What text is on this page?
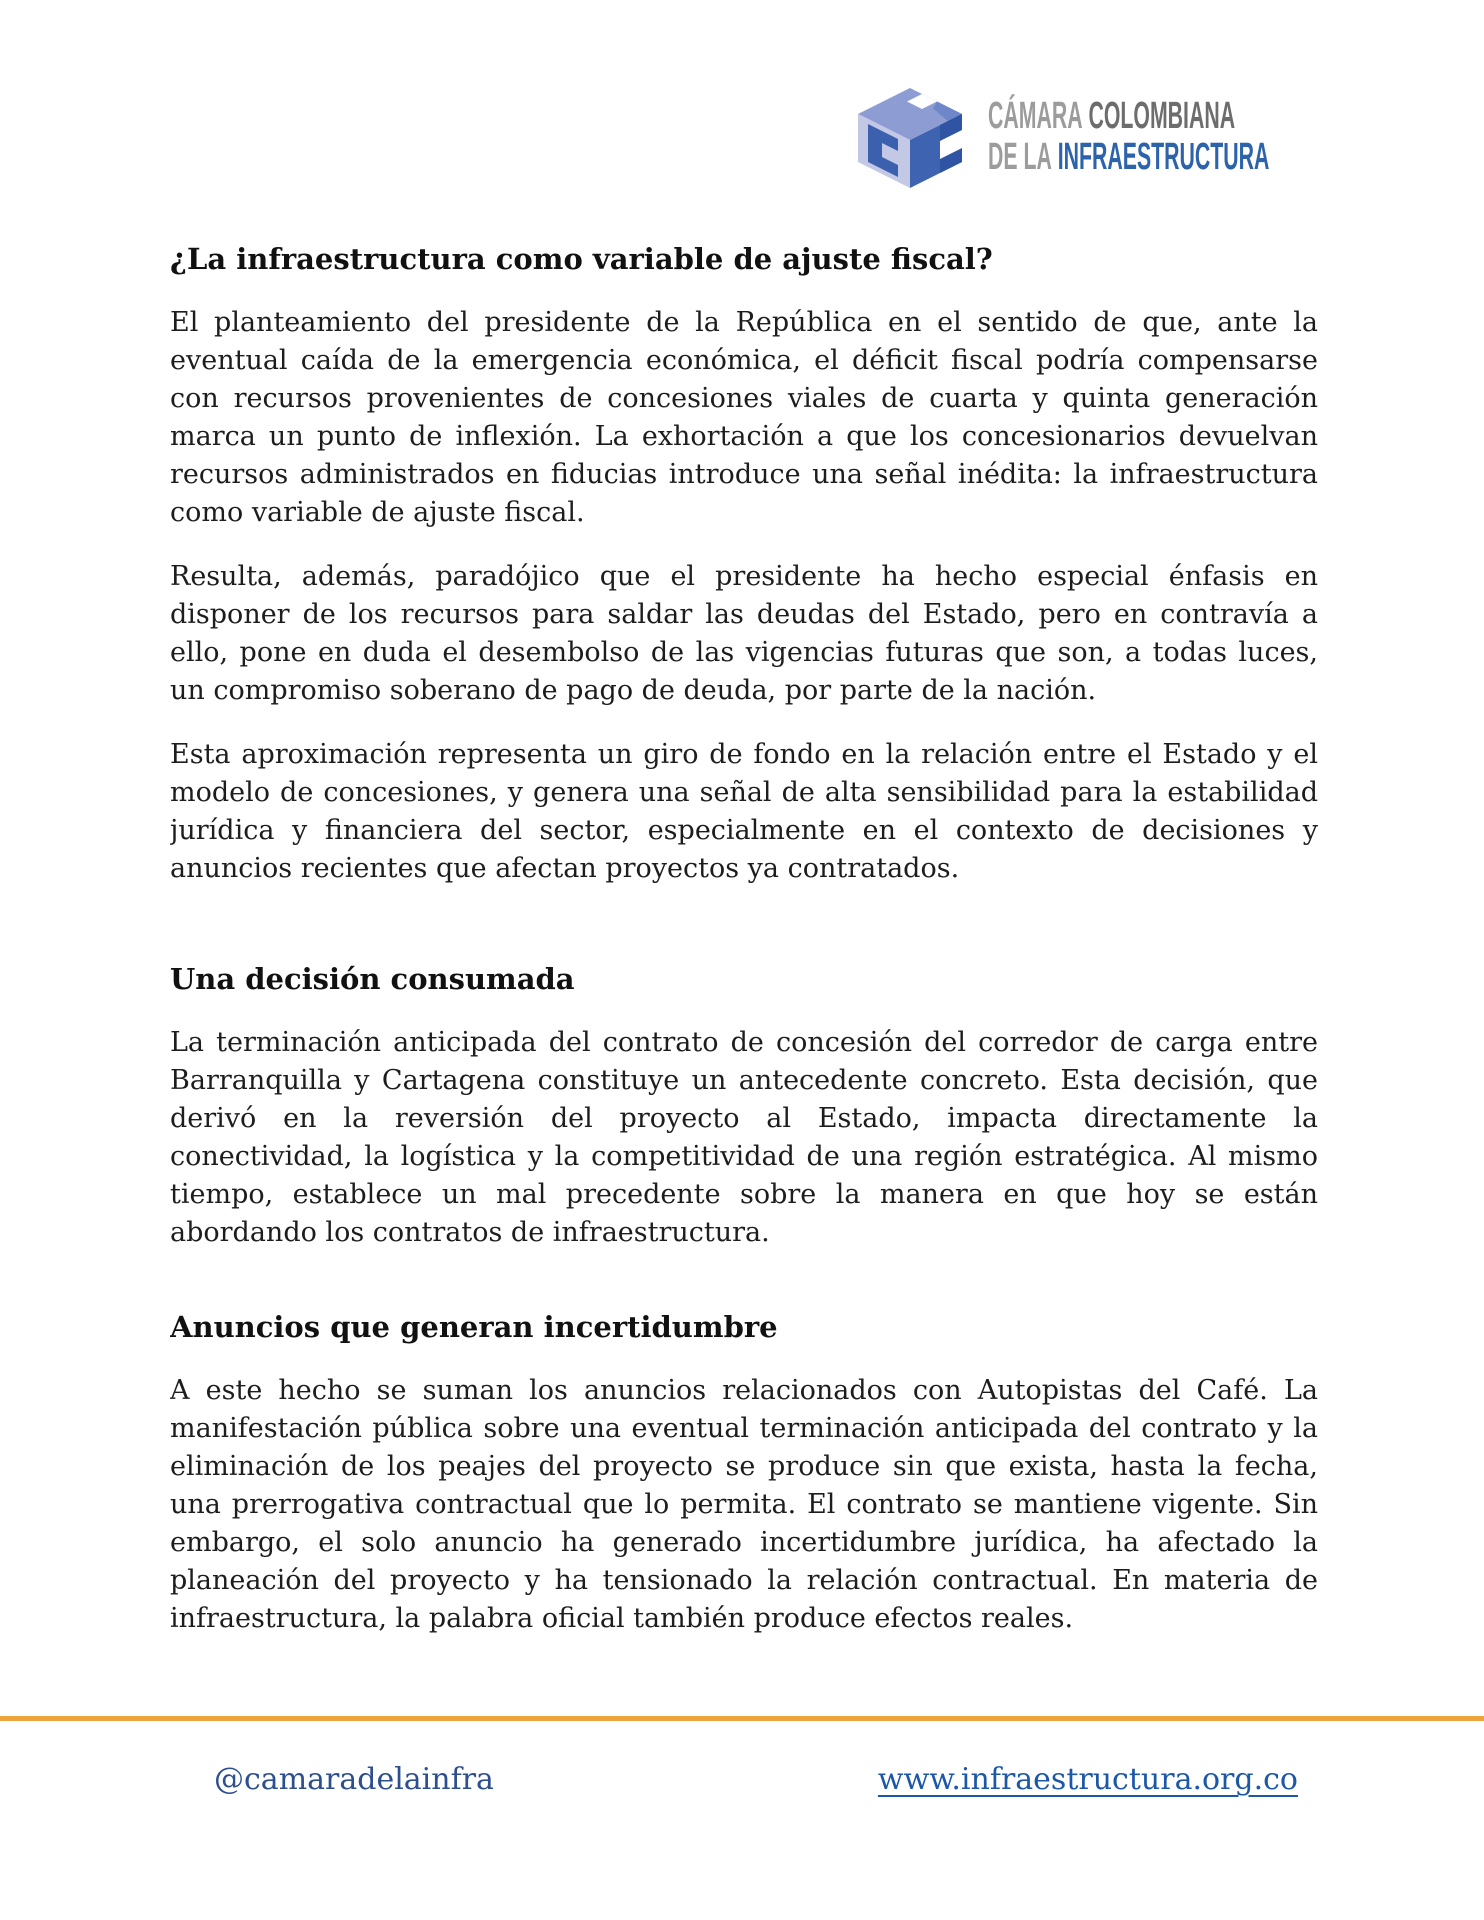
CÁMARA COLOMBIANA
DE LA INFRAESTRUCTURA
¿La infraestructura como variable de ajuste fiscal?

El planteamiento del presidente de la República en el sentido de que, ante la eventual caída de la emergencia económica, el déficit fiscal podría compensarse con recursos provenientes de concesiones viales de cuarta y quinta generación marca un punto de inflexión. La exhortación a que los concesionarios devuelvan recursos administrados en fiducias introduce una señal inédita: la infraestructura como variable de ajuste fiscal.

Resulta, además, paradójico que el presidente ha hecho especial énfasis en disponer de los recursos para saldar las deudas del Estado, pero en contravía a ello, pone en duda el desembolso de las vigencias futuras que son, a todas luces, un compromiso soberano de pago de deuda, por parte de la nación.

Esta aproximación representa un giro de fondo en la relación entre el Estado y el modelo de concesiones, y genera una señal de alta sensibilidad para la estabilidad jurídica y financiera del sector, especialmente en el contexto de decisiones y anuncios recientes que afectan proyectos ya contratados.

Una decisión consumada

La terminación anticipada del contrato de concesión del corredor de carga entre Barranquilla y Cartagena constituye un antecedente concreto. Esta decisión, que derivó en la reversión del proyecto al Estado, impacta directamente la conectividad, la logística y la competitividad de una región estratégica. Al mismo tiempo, establece un mal precedente sobre la manera en que hoy se están abordando los contratos de infraestructura.

Anuncios que generan incertidumbre

A este hecho se suman los anuncios relacionados con Autopistas del Café. La manifestación pública sobre una eventual terminación anticipada del contrato y la eliminación de los peajes del proyecto se produce sin que exista, hasta la fecha, una prerrogativa contractual que lo permita. El contrato se mantiene vigente. Sin embargo, el solo anuncio ha generado incertidumbre jurídica, ha afectado la planeación del proyecto y ha tensionado la relación contractual. En materia de infraestructura, la palabra oficial también produce efectos reales.

@camaradelainfra	www.infraestructura.org.co
